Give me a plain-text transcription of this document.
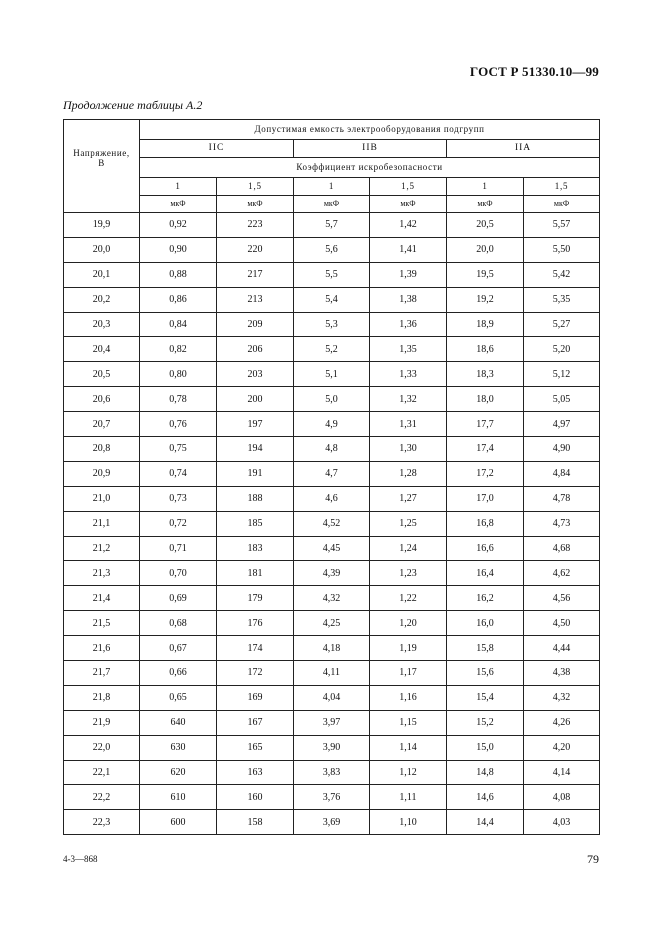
ГОСТ Р 51330.10—99
Продолжение таблицы А.2
Напряжение,
В	Допустимая емкость электрооборудования подгрупп					
	IIC		IIB		IIA	
	Коэффициент искробезопасности					
	1	1,5	1	1,5	1	1,5
	мкФ	мкФ	мкФ	мкФ	мкФ	мкФ
19,9	0,92	223	5,7	1,42	20,5	5,57
20,0	0,90	220	5,6	1,41	20,0	5,50
20,1	0,88	217	5,5	1,39	19,5	5,42
20,2	0,86	213	5,4	1,38	19,2	5,35
20,3	0,84	209	5,3	1,36	18,9	5,27
20,4	0,82	206	5,2	1,35	18,6	5,20
20,5	0,80	203	5,1	1,33	18,3	5,12
20,6	0,78	200	5,0	1,32	18,0	5,05
20,7	0,76	197	4,9	1,31	17,7	4,97
20,8	0,75	194	4,8	1,30	17,4	4,90
20,9	0,74	191	4,7	1,28	17,2	4,84
21,0	0,73	188	4,6	1,27	17,0	4,78
21,1	0,72	185	4,52	1,25	16,8	4,73
21,2	0,71	183	4,45	1,24	16,6	4,68
21,3	0,70	181	4,39	1,23	16,4	4,62
21,4	0,69	179	4,32	1,22	16,2	4,56
21,5	0,68	176	4,25	1,20	16,0	4,50
21,6	0,67	174	4,18	1,19	15,8	4,44
21,7	0,66	172	4,11	1,17	15,6	4,38
21,8	0,65	169	4,04	1,16	15,4	4,32
21,9	640	167	3,97	1,15	15,2	4,26
22,0	630	165	3,90	1,14	15,0	4,20
22,1	620	163	3,83	1,12	14,8	4,14
22,2	610	160	3,76	1,11	14,6	4,08
22,3	600	158	3,69	1,10	14,4	4,03
4-3—868	79
